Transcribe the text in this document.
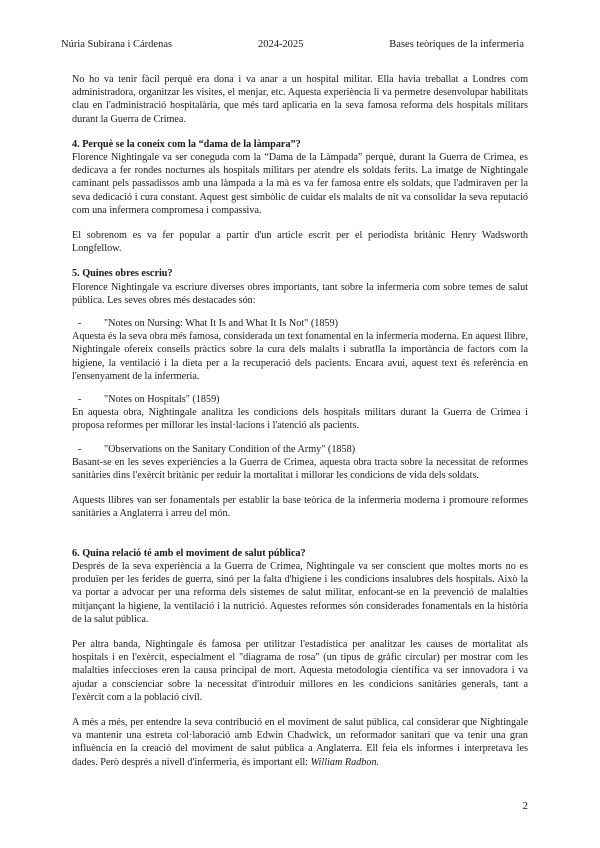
Núria Subirana i Cárdenas	2024-2025	Bases teòriques de la infermeria

No ho va tenir fàcil perquè era dona i va anar a un hospital militar. Ella havia treballat a Londres com administradora, organitzar les visites, el menjar, etc. Aquesta experiència li va permetre desenvolupar habilitats clau en l'administració hospitalària, que més tard aplicaria en la seva famosa reforma dels hospitals militars durant la Guerra de Crimea.

4. Perquè se la coneix com la “dama de la làmpara”?

Florence Nightingale va ser coneguda com la “Dama de la Làmpada” perquè, durant la Guerra de Crimea, es dedicava a fer rondes nocturnes als hospitals militars per atendre els soldats ferits. La imatge de Nightingale caminant pels passadissos amb una làmpada a la mà es va fer famosa entre els soldats, que l'admiraven per la seva dedicació i cura constant. Aquest gest simbòlic de cuidar els malalts de nit va consolidar la seva reputació com una infermera compromesa i compassiva.

El sobrenom es va fer popular a partir d'un article escrit per el periodista britànic Henry Wadsworth Longfellow.

5. Quines obres escriu?

Florence Nightingale va escriure diverses obres importants, tant sobre la infermeria com sobre temes de salut pública. Les seves obres més destacades són:

- "Notes on Nursing: What It Is and What It Is Not" (1859)

Aquesta és la seva obra més famosa, considerada un text fonamental en la infermeria moderna. En aquest llibre, Nightingale ofereix consells pràctics sobre la cura dels malalts i subratlla la importància de factors com la higiene, la ventilació i la dieta per a la recuperació dels pacients. Encara avui, aquest text és referència en l'ensenyament de la infermeria.

- "Notes on Hospitals" (1859)

En aquesta obra, Nightingale analitza les condicions dels hospitals militars durant la Guerra de Crimea i proposa reformes per millorar les instal·lacions i l'atenció als pacients.

- "Observations on the Sanitary Condition of the Army" (1858)

Basant-se en les seves experiències a la Guerra de Crimea, aquesta obra tracta sobre la necessitat de reformes sanitàries dins l'exèrcit britànic per reduir la mortalitat i millorar les condicions de vida dels soldats.

Aquests llibres van ser fonamentals per establir la base teòrica de la infermeria moderna i promoure reformes sanitàries a Anglaterra i arreu del món.

6. Quina relació té amb el moviment de salut pública?

Després de la seva experiència a la Guerra de Crimea, Nightingale va ser conscient que moltes morts no es produïen per les ferides de guerra, sinó per la falta d'higiene i les condicions insalubres dels hospitals. Això la va portar a advocar per una reforma dels sistemes de salut militar, enfocant-se en la prevenció de malalties mitjançant la higiene, la ventilació i la nutrició. Aquestes reformes són considerades fonamentals en la història de la salut pública.

Per altra banda, Nightingale és famosa per utilitzar l'estadística per analitzar les causes de mortalitat als hospitals i en l'exèrcit, especialment el "diagrama de rosa" (un tipus de gràfic circular) per mostrar com les malalties infeccioses eren la causa principal de mort. Aquesta metodologia científica va ser innovadora i va ajudar a conscienciar sobre la necessitat d'introduir millores en les condicions sanitàries generals, tant a l'exèrcit com a la població civil.

A més a més, per entendre la seva contribució en el moviment de salut pública, cal considerar que Nightingale va mantenir una estreta col·laboració amb Edwin Chadwick, un reformador sanitari que va tenir una gran influència en la creació del moviment de salut pública a Anglaterra. Ell feia els informes i interpretava les dades. Però després a nivell d'infermeria, és important ell: William Radbon.

2
